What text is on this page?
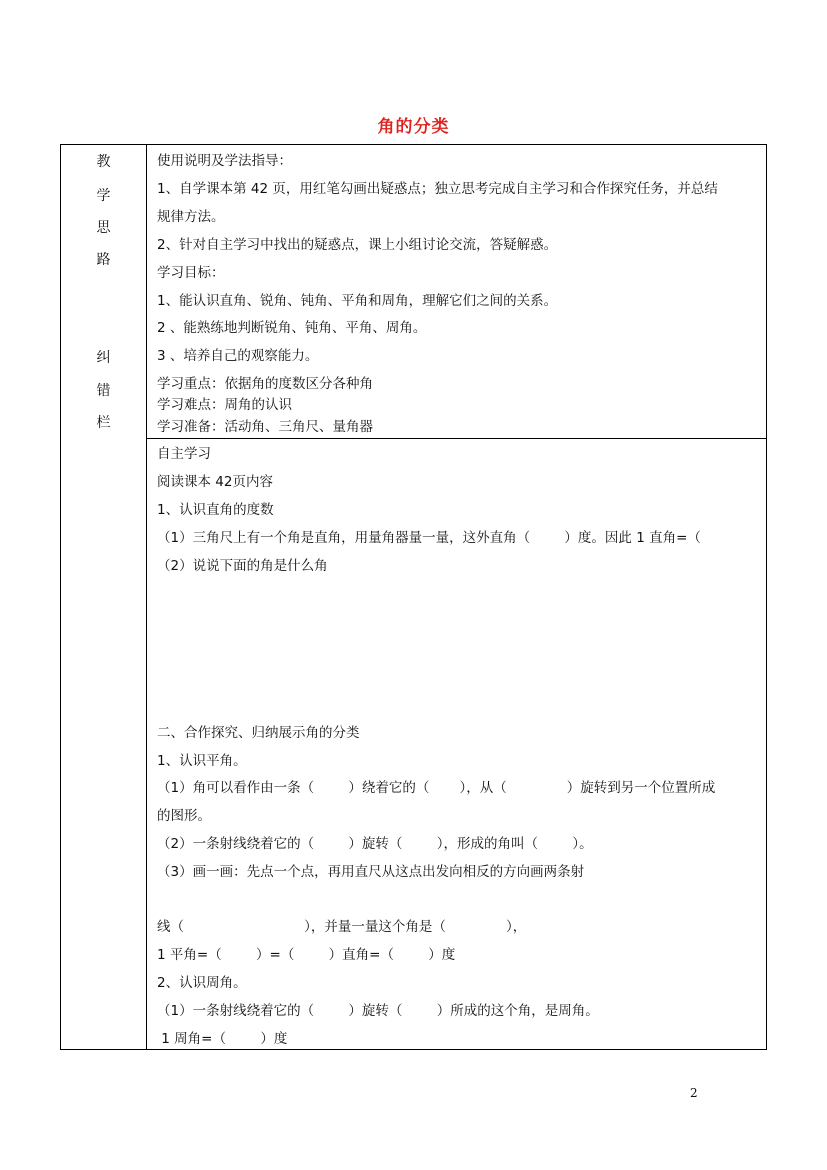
角的分类
教
学
思
路
纠
错
栏
使用说明及学法指导：
1、自学课本第 42 页，用红笔勾画出疑惑点；独立思考完成自主学习和合作探究任务，并总结
规律方法。
2、针对自主学习中找出的疑惑点，课上小组讨论交流，答疑解惑。
学习目标：
1、能认识直角、锐角、钝角、平角和周角，理解它们之间的关系。
2 、能熟练地判断锐角、钝角、平角、周角。
3 、培养自己的观察能力。
学习重点：依据角的度数区分各种角
学习难点：周角的认识
学习准备：活动角、三角尺、量角器
自主学习
阅读课本 42页内容
1、认识直角的度数
（1）三角尺上有一个角是直角，用量角器量一量，这外直角（        ）度。因此 1 直角=（
（2）说说下面的角是什么角
二、合作探究、归纳展示角的分类
1、认识平角。
（1）角可以看作由一条（        ）绕着它的（       ），从（              ）旋转到另一个位置所成
的图形。
（2）一条射线绕着它的（        ）旋转（        ），形成的角叫（        ）。
（3）画一画：先点一个点，再用直尺从这点出发向相反的方向画两条射
线（                            ），并量一量这个角是（              ），
1 平角=（        ）=（        ）直角=（        ）度
2、认识周角。
（1）一条射线绕着它的（        ）旋转（        ）所成的这个角，是周角。
1 周角=（        ）度
2
